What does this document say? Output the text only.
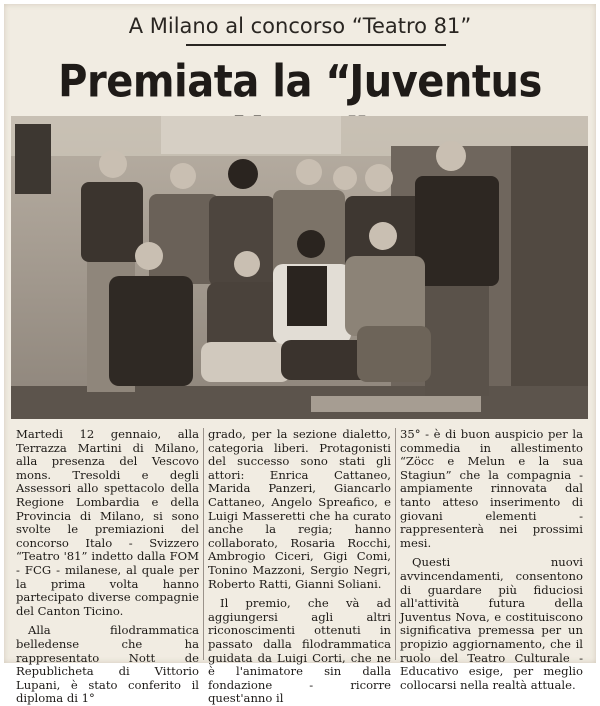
A Milano al concorso “Teatro 81”
Premiata la “Juventus

Martedi 12 gennaio, alla Terrazza Martini di Milano, alla presenza del Vescovo mons. Tresoldi e degli Assessori allo spettacolo della Regione Lombardia e della Provincia di Milano, si sono svolte le premiazioni del concorso Italo - Svizzero “Teatro '81” indetto dalla FOM - FCG - milanese, al quale per la prima volta hanno partecipato diverse compagnie del Canton Ticino.

Alla filodrammatica belledense che ha rappresentato Nott de Republicheta di Vittorio Lupani, è stato conferito il diploma di 1°

grado, per la sezione dialetto, categoria liberi. Protagonisti del successo sono stati gli attori: Enrica Cattaneo, Marida Panzeri, Giancarlo Cattaneo, Angelo Spreafico, e Luigi Masseretti che ha curato anche la regia; hanno collaborato, Rosaria Rocchi, Ambrogio Ciceri, Gigi Comi, Tonino Mazzoni, Sergio Negri, Roberto Ratti, Gianni Soliani.

Il premio, che và ad aggiungersi agli altri riconoscimenti ottenuti in passato dalla filodrammatica guidata da Luigi Corti, che ne è l'animatore sin dalla fondazione - ricorre quest'anno il

35° - è di buon auspicio per la commedia in allestimento “Zöcc e Melun e la sua Stagiun” che la compagnia - ampiamente rinnovata dal tanto atteso inserimento di giovani elementi - rappresenterà nei prossimi mesi.

Questi nuovi avvincendamenti, consentono di guardare più fiduciosi all'attività futura della Juventus Nova, e costituiscono significativa premessa per un propizio aggiornamento, che il ruolo del Teatro Culturale - Educativo esige, per meglio collocarsi nella realtà attuale.
